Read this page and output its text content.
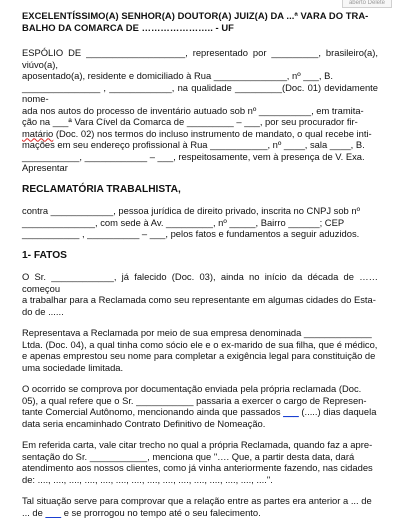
aberto Delete

EXCELENTÍSSIMO(A) SENHOR(A) DOUTOR(A) JUIZ(A) DA ...ª VARA DO TRA-

BALHO DA COMARCA DE ………………….. - UF

ESPÓLIO DE ___________________, representado por _________, brasileiro(a), viúvo(a),

aposentado(a), residente e domiciliado à Rua ______________, nº ___, B.

_______________ , ____________, na qualidade _________(Doc. 01) devidamente nome-

ada nos autos do processo de inventário autuado sob nº __________, em tramita-

ção na ___ª Vara Cível da Comarca de _________ – ___, por seu procurador fir-

matário (Doc. 02) nos termos do incluso instrumento de mandato, o qual recebe inti-

mações em seu endereço profissional à Rua ___________, nº ____, sala ____, B.

___________, ____________ – ___, respeitosamente, vem à presença de V. Exa.

Apresentar

RECLAMATÓRIA TRABALHISTA,

contra ____________, pessoa jurídica de direito privado, inscrita no CNPJ sob nº

______________, com sede à Av. _________, nº _____, Bairro ______; CEP

___________ , __________ – ___, pelos fatos e fundamentos a seguir aduzidos.

1- FATOS

O Sr. ____________, já falecido (Doc. 03), ainda no início da década de …… começou

a trabalhar para a Reclamada como seu representante em algumas cidades do Esta-

do de ......

Representava a Reclamada por meio de sua empresa denominada _____________

Ltda. (Doc. 04), a qual tinha como sócio ele e o ex-marido de sua filha, que é médico,

e apenas emprestou seu nome para completar a exigência legal para constituição de

uma sociedade limitada.

O ocorrido se comprova por documentação enviada pela própria reclamada (Doc.

05), a qual refere que o Sr. ___________ passaria a exercer o cargo de Represen-

tante Comercial Autônomo, mencionando ainda que passados ___ (.....) dias daquela

data seria encaminhado Contrato Definitivo de Nomeação.

Em referida carta, vale citar trecho no qual a própria Reclamada, quando faz a apre-

sentação do Sr. ___________, menciona que "…. Que, a partir desta data, dará

atendimento aos nossos clientes, como já vinha anteriormente fazendo, nas cidades

de: ...., ...., ...., ...., ...., ...., ...., ...., ...., ...., ...., ...., ...., ...., ....".

Tal situação serve para comprovar que a relação entre as partes era anterior a ... de

... de ___ e se prorrogou no tempo até o seu falecimento.
